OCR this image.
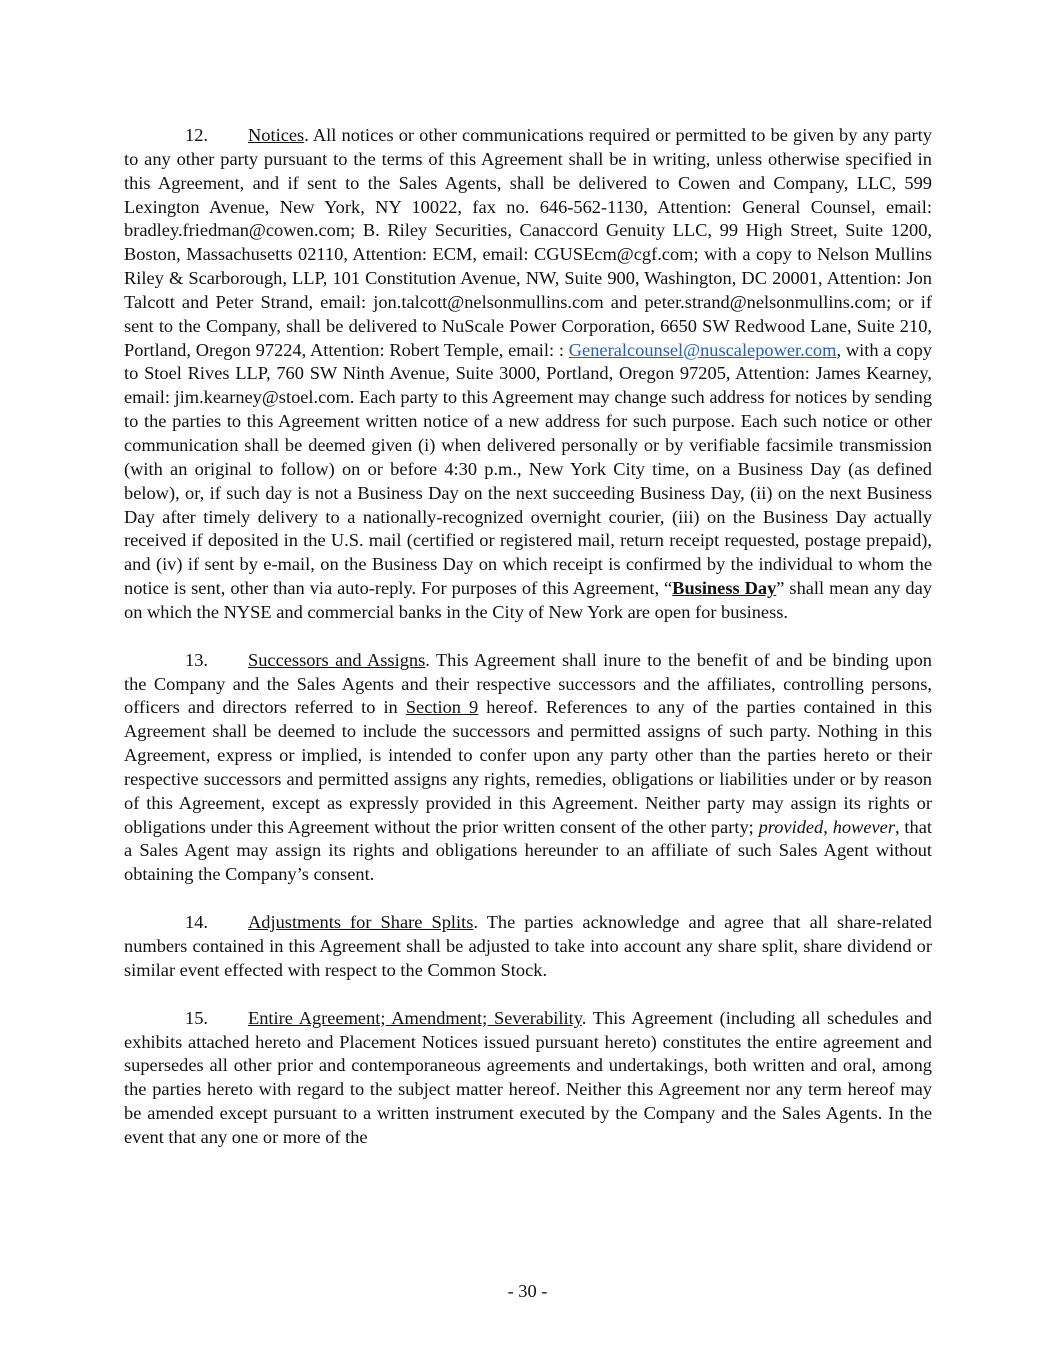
12. Notices. All notices or other communications required or permitted to be given by any party to any other party pursuant to the terms of this Agreement shall be in writing, unless otherwise specified in this Agreement, and if sent to the Sales Agents, shall be delivered to Cowen and Company, LLC, 599 Lexington Avenue, New York, NY 10022, fax no. 646-562-1130, Attention: General Counsel, email: bradley.friedman@cowen.com; B. Riley Securities, Canaccord Genuity LLC, 99 High Street, Suite 1200, Boston, Massachusetts 02110, Attention: ECM, email: CGUSEcm@cgf.com; with a copy to Nelson Mullins Riley & Scarborough, LLP, 101 Constitution Avenue, NW, Suite 900, Washington, DC 20001, Attention: Jon Talcott and Peter Strand, email: jon.talcott@nelsonmullins.com and peter.strand@nelsonmullins.com; or if sent to the Company, shall be delivered to NuScale Power Corporation, 6650 SW Redwood Lane, Suite 210, Portland, Oregon 97224, Attention: Robert Temple, email: : Generalcounsel@nuscalepower.com, with a copy to Stoel Rives LLP, 760 SW Ninth Avenue, Suite 3000, Portland, Oregon 97205, Attention: James Kearney, email: jim.kearney@stoel.com. Each party to this Agreement may change such address for notices by sending to the parties to this Agreement written notice of a new address for such purpose. Each such notice or other communication shall be deemed given (i) when delivered personally or by verifiable facsimile transmission (with an original to follow) on or before 4:30 p.m., New York City time, on a Business Day (as defined below), or, if such day is not a Business Day on the next succeeding Business Day, (ii) on the next Business Day after timely delivery to a nationally-recognized overnight courier, (iii) on the Business Day actually received if deposited in the U.S. mail (certified or registered mail, return receipt requested, postage prepaid), and (iv) if sent by e-mail, on the Business Day on which receipt is confirmed by the individual to whom the notice is sent, other than via auto-reply. For purposes of this Agreement, “Business Day” shall mean any day on which the NYSE and commercial banks in the City of New York are open for business.

13. Successors and Assigns. This Agreement shall inure to the benefit of and be binding upon the Company and the Sales Agents and their respective successors and the affiliates, controlling persons, officers and directors referred to in Section 9 hereof. References to any of the parties contained in this Agreement shall be deemed to include the successors and permitted assigns of such party. Nothing in this Agreement, express or implied, is intended to confer upon any party other than the parties hereto or their respective successors and permitted assigns any rights, remedies, obligations or liabilities under or by reason of this Agreement, except as expressly provided in this Agreement. Neither party may assign its rights or obligations under this Agreement without the prior written consent of the other party; provided, however, that a Sales Agent may assign its rights and obligations hereunder to an affiliate of such Sales Agent without obtaining the Company’s consent.

14. Adjustments for Share Splits. The parties acknowledge and agree that all share-related numbers contained in this Agreement shall be adjusted to take into account any share split, share dividend or similar event effected with respect to the Common Stock.

15. Entire Agreement; Amendment; Severability. This Agreement (including all schedules and exhibits attached hereto and Placement Notices issued pursuant hereto) constitutes the entire agreement and supersedes all other prior and contemporaneous agreements and undertakings, both written and oral, among the parties hereto with regard to the subject matter hereof. Neither this Agreement nor any term hereof may be amended except pursuant to a written instrument executed by the Company and the Sales Agents. In the event that any one or more of the

- 30 -
